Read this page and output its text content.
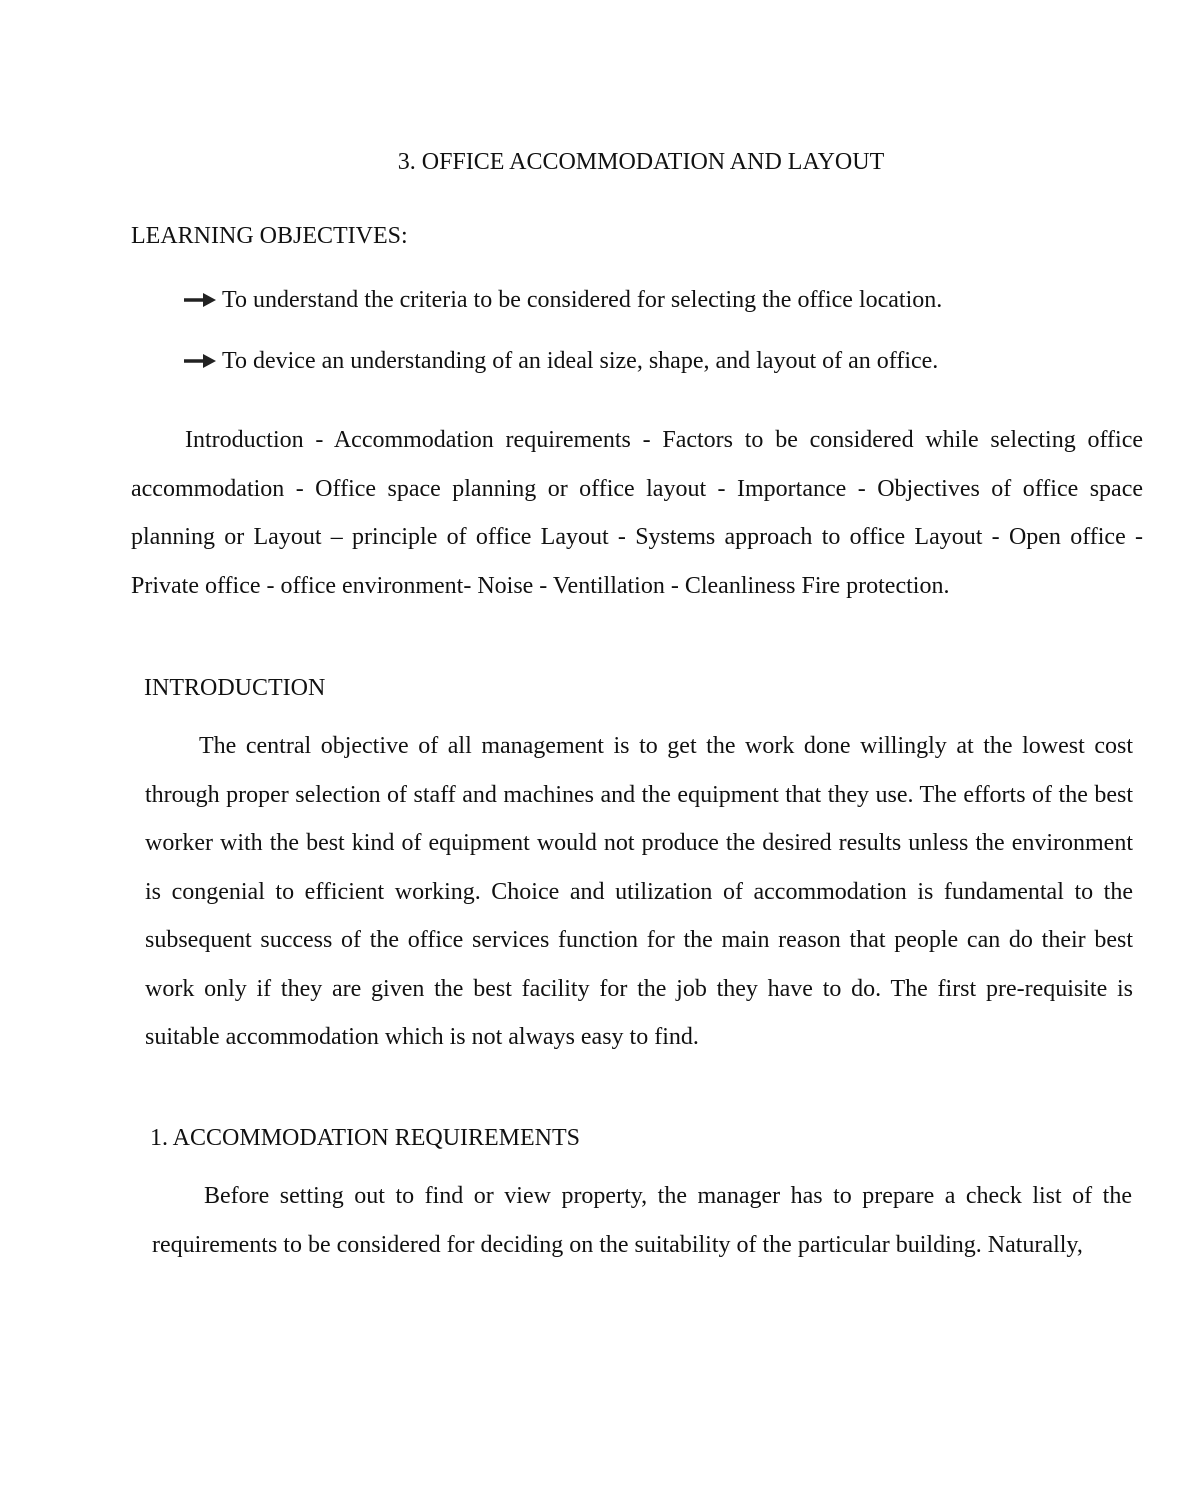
3. OFFICE ACCOMMODATION AND LAYOUT
LEARNING OBJECTIVES:
To understand the criteria to be considered for selecting the office location.
To device an understanding of an ideal size, shape, and layout of an office.

Introduction - Accommodation requirements - Factors to be considered while selecting office accommodation - Office space planning or office layout - Importance - Objectives of office space planning or Layout – principle of office Layout - Systems approach to office Layout - Open office - Private office - office environment- Noise - Ventillation - Cleanliness Fire protection.

INTRODUCTION

The central objective of all management is to get the work done willingly at the lowest cost through proper selection of staff and machines and the equipment that they use. The efforts of the best worker with the best kind of equipment would not produce the desired results unless the environment is congenial to efficient working. Choice and utilization of accommodation is fundamental to the subsequent success of the office services function for the main reason that people can do their best work only if they are given the best facility for the job they have to do. The first pre-requisite is suitable accommodation which is not always easy to find.

1. ACCOMMODATION REQUIREMENTS

Before setting out to find or view property, the manager has to prepare a check list of the requirements to be considered for deciding on the suitability of the particular building. Naturally,
